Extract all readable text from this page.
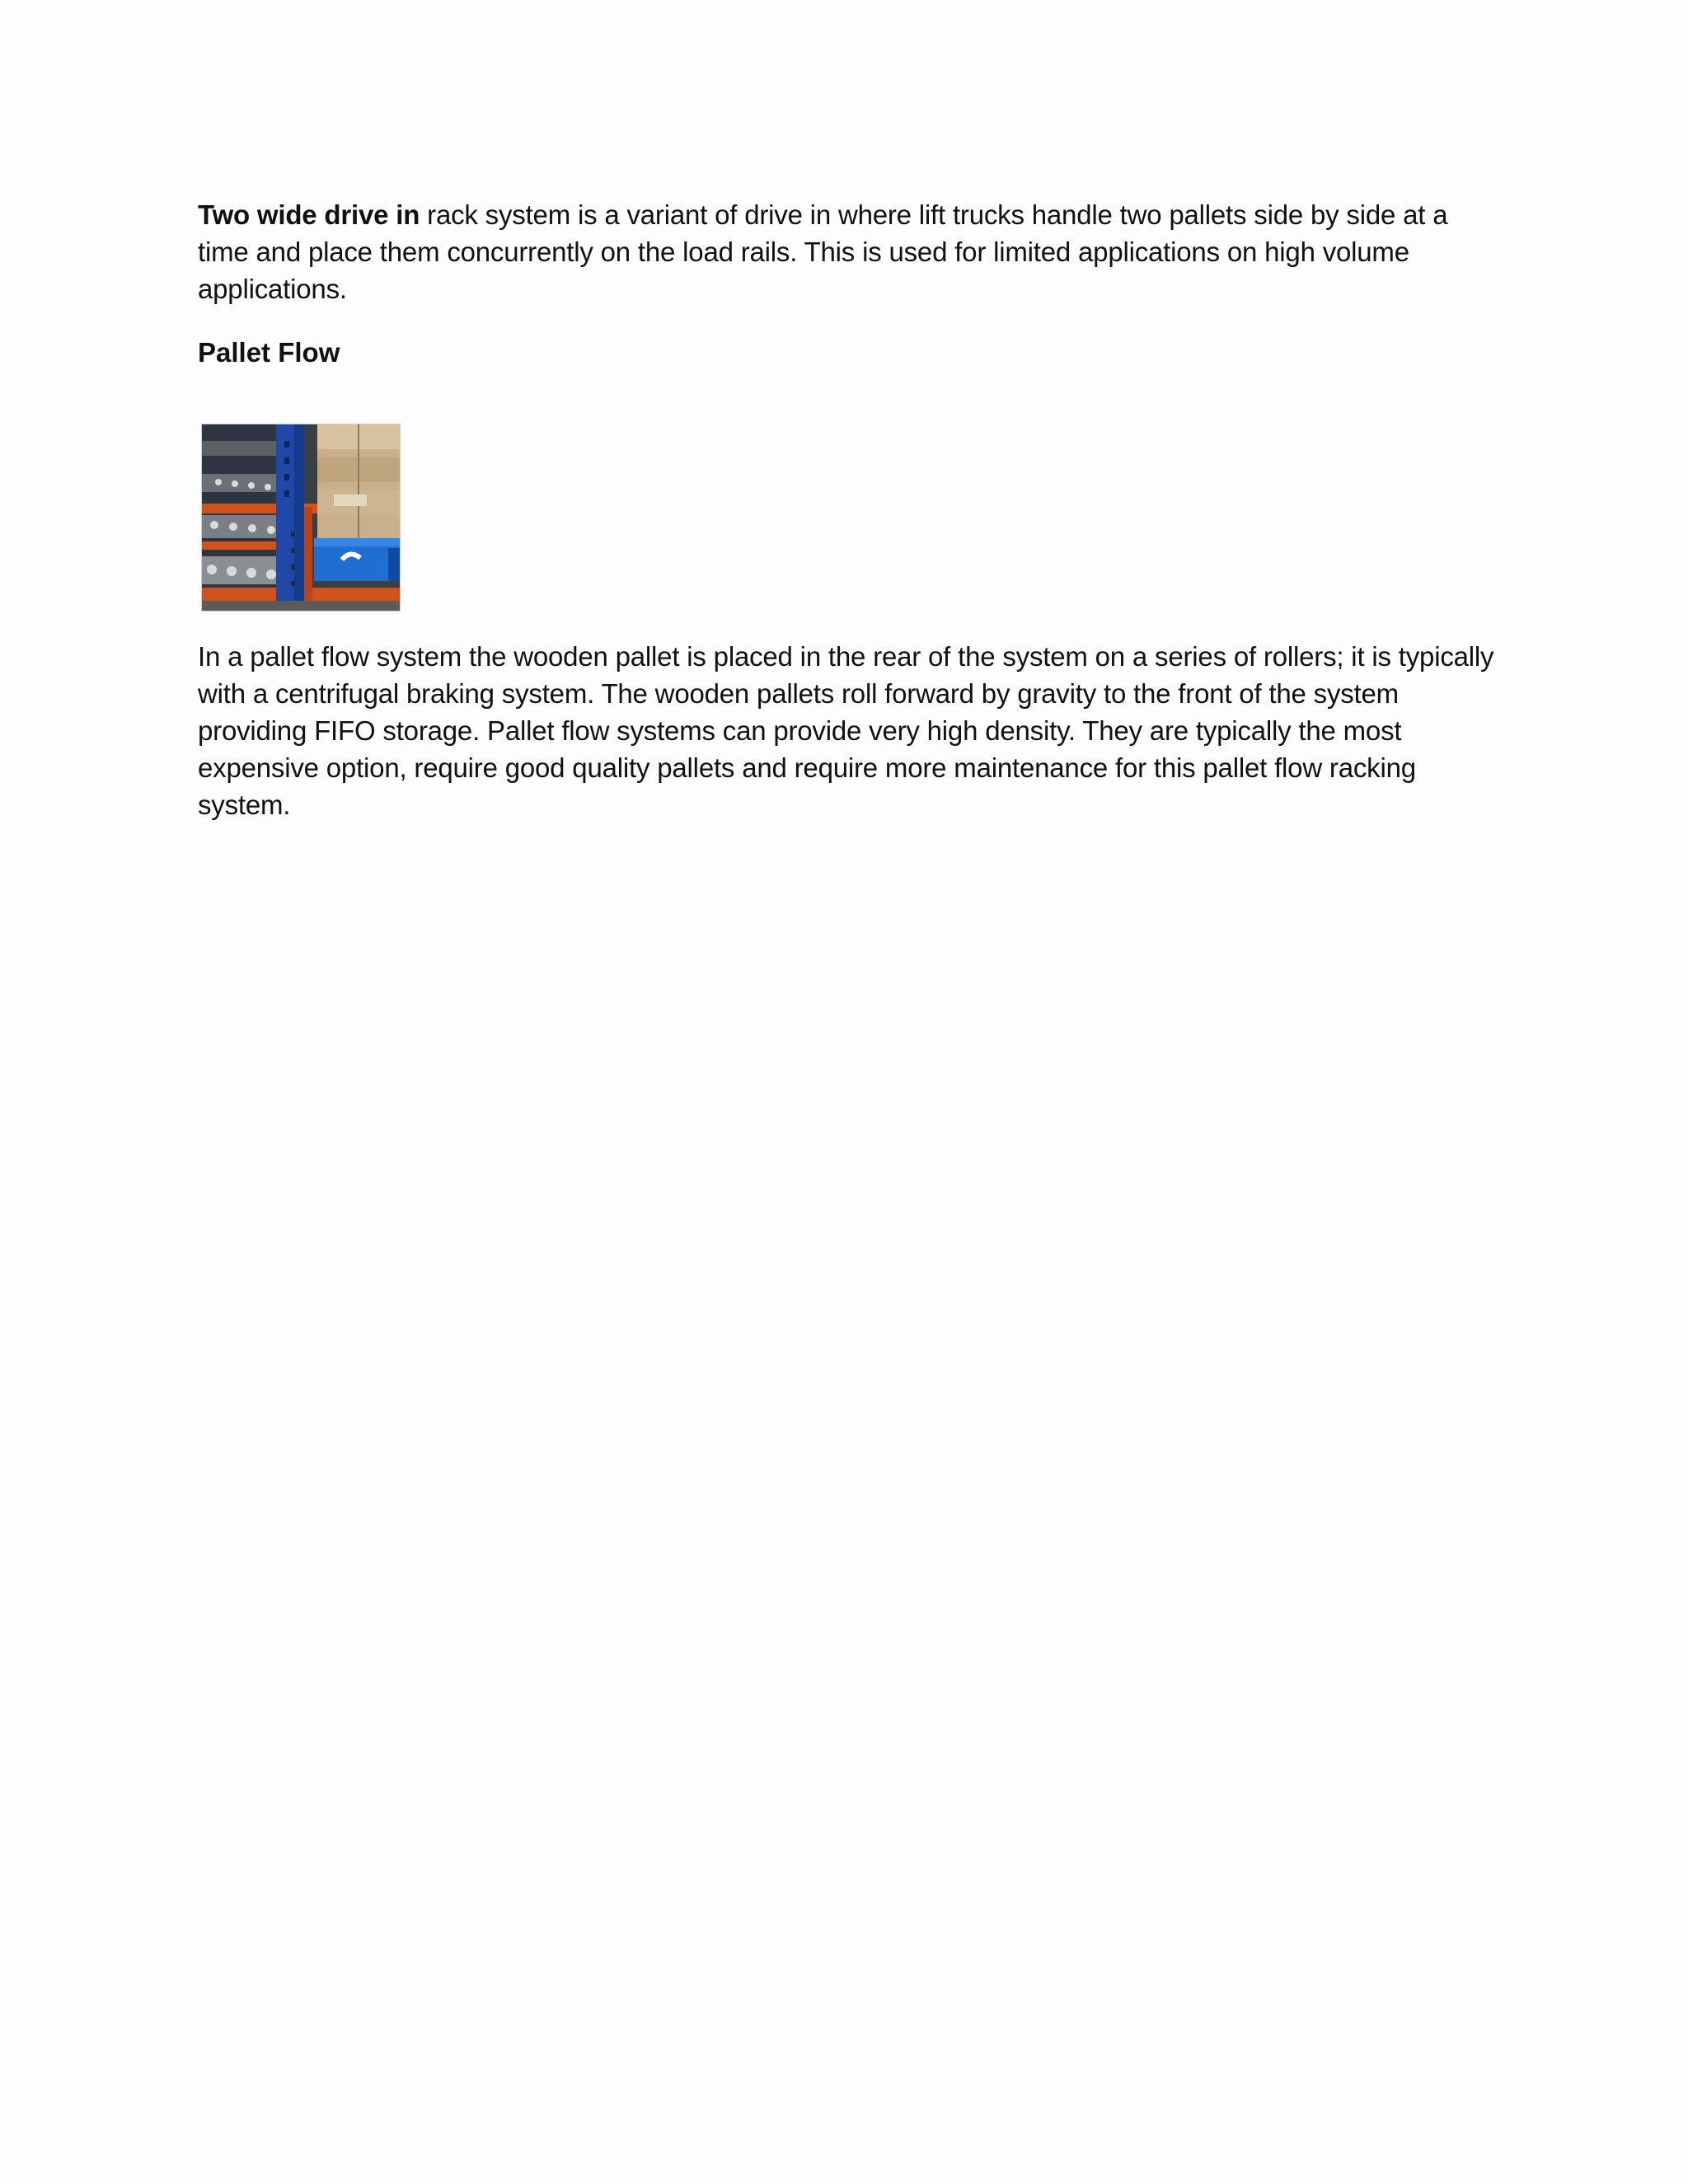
Two wide drive in rack system is a variant of drive in where lift trucks handle two pallets side by side at a time and place them concurrently on the load rails. This is used for limited applications on high volume applications.

Pallet Flow

In a pallet flow system the wooden pallet is placed in the rear of the system on a series of rollers; it is typically with a centrifugal braking system. The wooden pallets roll forward by gravity to the front of the system providing FIFO storage. Pallet flow systems can provide very high density. They are typically the most expensive option, require good quality pallets and require more maintenance for this pallet flow racking system.
